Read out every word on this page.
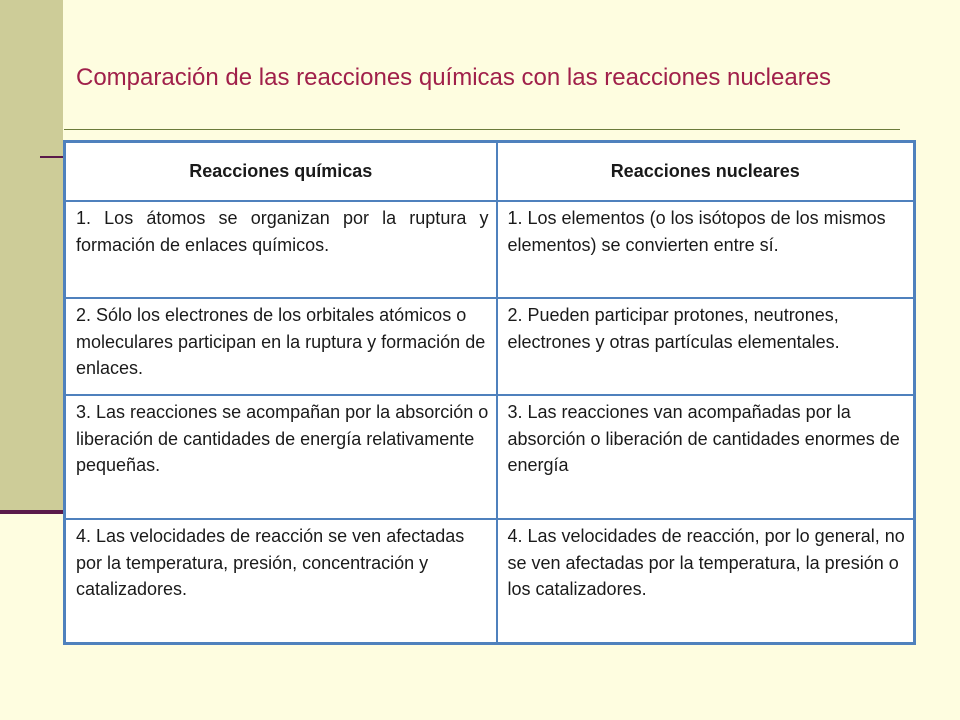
Comparación de las reacciones químicas con las reacciones nucleares
Reacciones químicas	Reacciones nucleares
1. Los átomos se organizan por la ruptura y formación de enlaces químicos.	1. Los elementos (o los isótopos de los mismos elementos) se convierten entre sí.
2. Sólo los electrones de los orbitales atómicos o moleculares participan en la ruptura y formación de enlaces.	2. Pueden participar protones, neutrones, electrones y otras partículas elementales.
3. Las reacciones se acompañan por la absorción o liberación de cantidades de energía relativamente pequeñas.	3. Las reacciones van acompañadas por la absorción o liberación de cantidades enormes de energía
4. Las velocidades de reacción se ven afectadas por la temperatura, presión, concentración y catalizadores.	4. Las velocidades de reacción, por lo general, no se ven afectadas por la temperatura, la presión o los catalizadores.
